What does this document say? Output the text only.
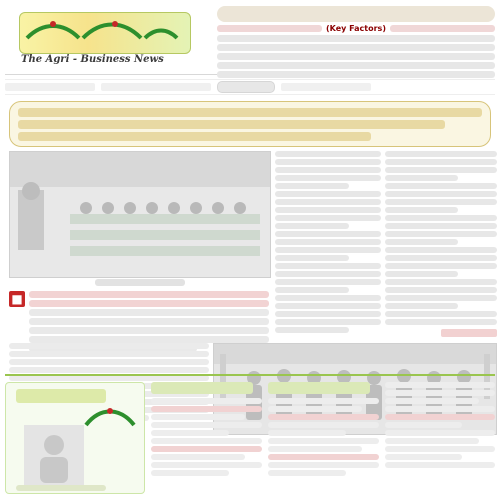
The Agri - Business News
(Key Factors)
■
